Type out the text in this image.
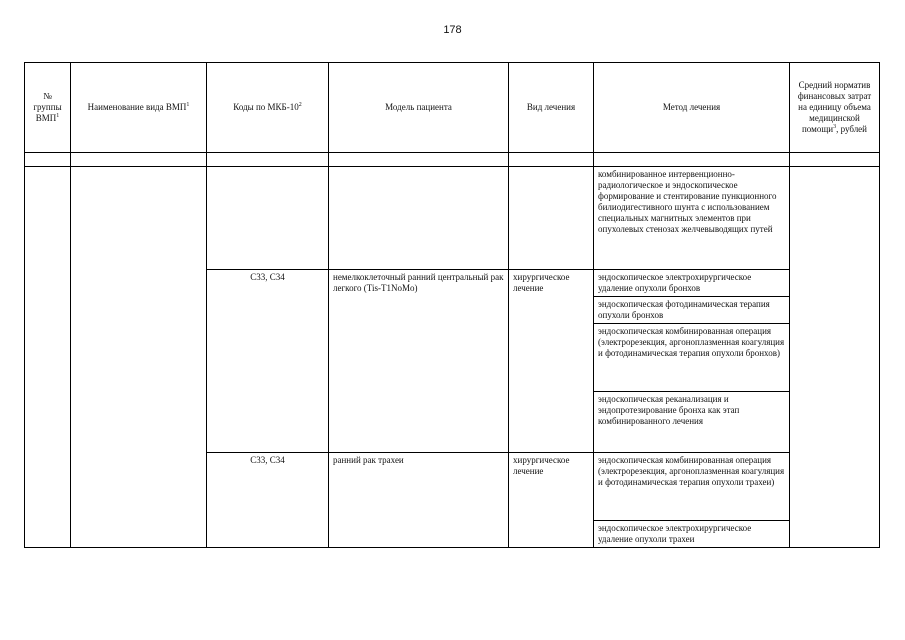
178
№ группы ВМП$^1$	Наименование вида ВМП$^1$	Коды по МКБ-$10^2$	Модель пациента	Вид лечения	Метод лечения	Средний норматив финансовых затрат на единицу объема медицинской помощи$^3$, рублей

					комбинированное интервенционно-радиологическое и эндоскопическое формирование и стентирование пункционного билиодигестивного шунта с использованием специальных магнитных элементов при опухолевых стенозах желчевыводящих путей	
		C33, C34	немелкоклеточный ранний центральный рак легкого (Tis-T1NoMo)	хирургическое лечение	эндоскопическое электрохирургическое удаление опухоли бронхов	
					эндоскопическая фотодинамическая терапия опухоли бронхов	
					эндоскопическая комбинированная операция (электрорезекция, аргоноплазменная коагуляция и фотодинамическая терапия опухоли бронхов)	
					эндоскопическая реканализация и эндопротезирование бронха как этап комбинированного лечения	
		C33, C34	ранний рак трахеи	хирургическое лечение	эндоскопическая комбинированная операция (электрорезекция, аргоноплазменная коагуляция и фотодинамическая терапия опухоли трахеи)	
					эндоскопическое электрохирургическое удаление опухоли трахеи	
